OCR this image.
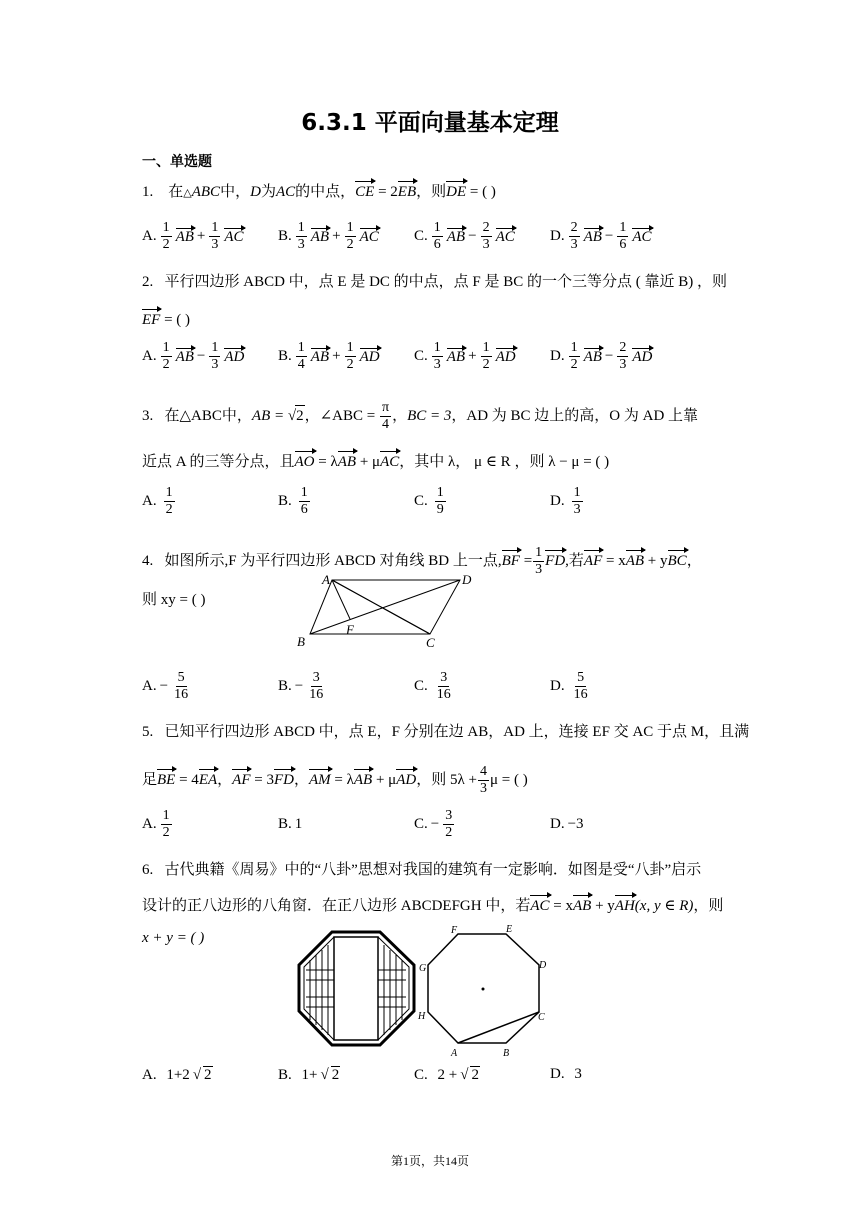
6.3.1 平面向量基本定理
一、单选题
1. 在△ABC中，D为AC的中点，CE = 2EB，则DE = ( )
A. $\frac{1}{2}$ AB + $\frac{1}{3}$ AC B. $\frac{1}{3}$ AB + $\frac{1}{2}$ AC C. $\frac{1}{6}$ AB − $\frac{2}{3}$ AC D. $\frac{2}{3}$ AB − $\frac{1}{6}$ AC
2. 平行四边形 ABCD 中，点 E 是 DC 的中点，点 F 是 BC 的一个三等分点 ( 靠近 B) ，则
EF = ( )
A. $\frac{1}{2}$ AB − $\frac{1}{3}$ AD B. $\frac{1}{4}$ AB + $\frac{1}{2}$ AD C. $\frac{1}{3}$ AB + $\frac{1}{2}$ AD D. $\frac{1}{2}$ AB − $\frac{2}{3}$ AD
3. 在△ABC中，AB = √2，∠ABC = $\frac{\pi}{4}$ ，BC = 3，AD 为 BC 边上的高，O 为 AD 上靠
近点 A 的三等分点，且AO = λAB + μAC，其中 λ， μ ∈ R ，则 λ − μ = ( )
A. $\frac{1}{2}$	B. $\frac{1}{6}$	C. $\frac{1}{9}$	D. $\frac{1}{3}$
4. 如图所示,F 为平行四边形 ABCD 对角线 BD 上一点$,BF = \frac{1}{3}$ FD,若AF = xAB + yBC，
则 xy = ( )
A	D
B	C
F
A. − $\frac{5}{16}$	B. − $\frac{3}{16}$	C. $\frac{3}{16}$	D. $\frac{5}{16}$
5. 已知平行四边形 ABCD 中，点 E，F 分别在边 AB，AD 上，连接 EF 交 AC 于点 M，且满
足BE = 4EA，AF = 3FD，AM = λAB + μAD，则 $5\lambda + \frac{4}{3}$ μ = ( )
A. $\frac{1}{2}$	B. 1	C. − $\frac{3}{2}$	D. −3
6. 古代典籍《周易》中的“八卦”思想对我国的建筑有一定影响．如图是受“八卦”启示
设计的正八边形的八角窗．在正八边形 ABCDEFGH 中，若AC = xAB + yAH(x, y ∈ R)，则
x + y = ( )
A	B
C
D
E
F
G
H
A.
1+2 √ 2	B.
1+ √ 2	C.
2 + √ 2	D.
3
第1页，共14页
